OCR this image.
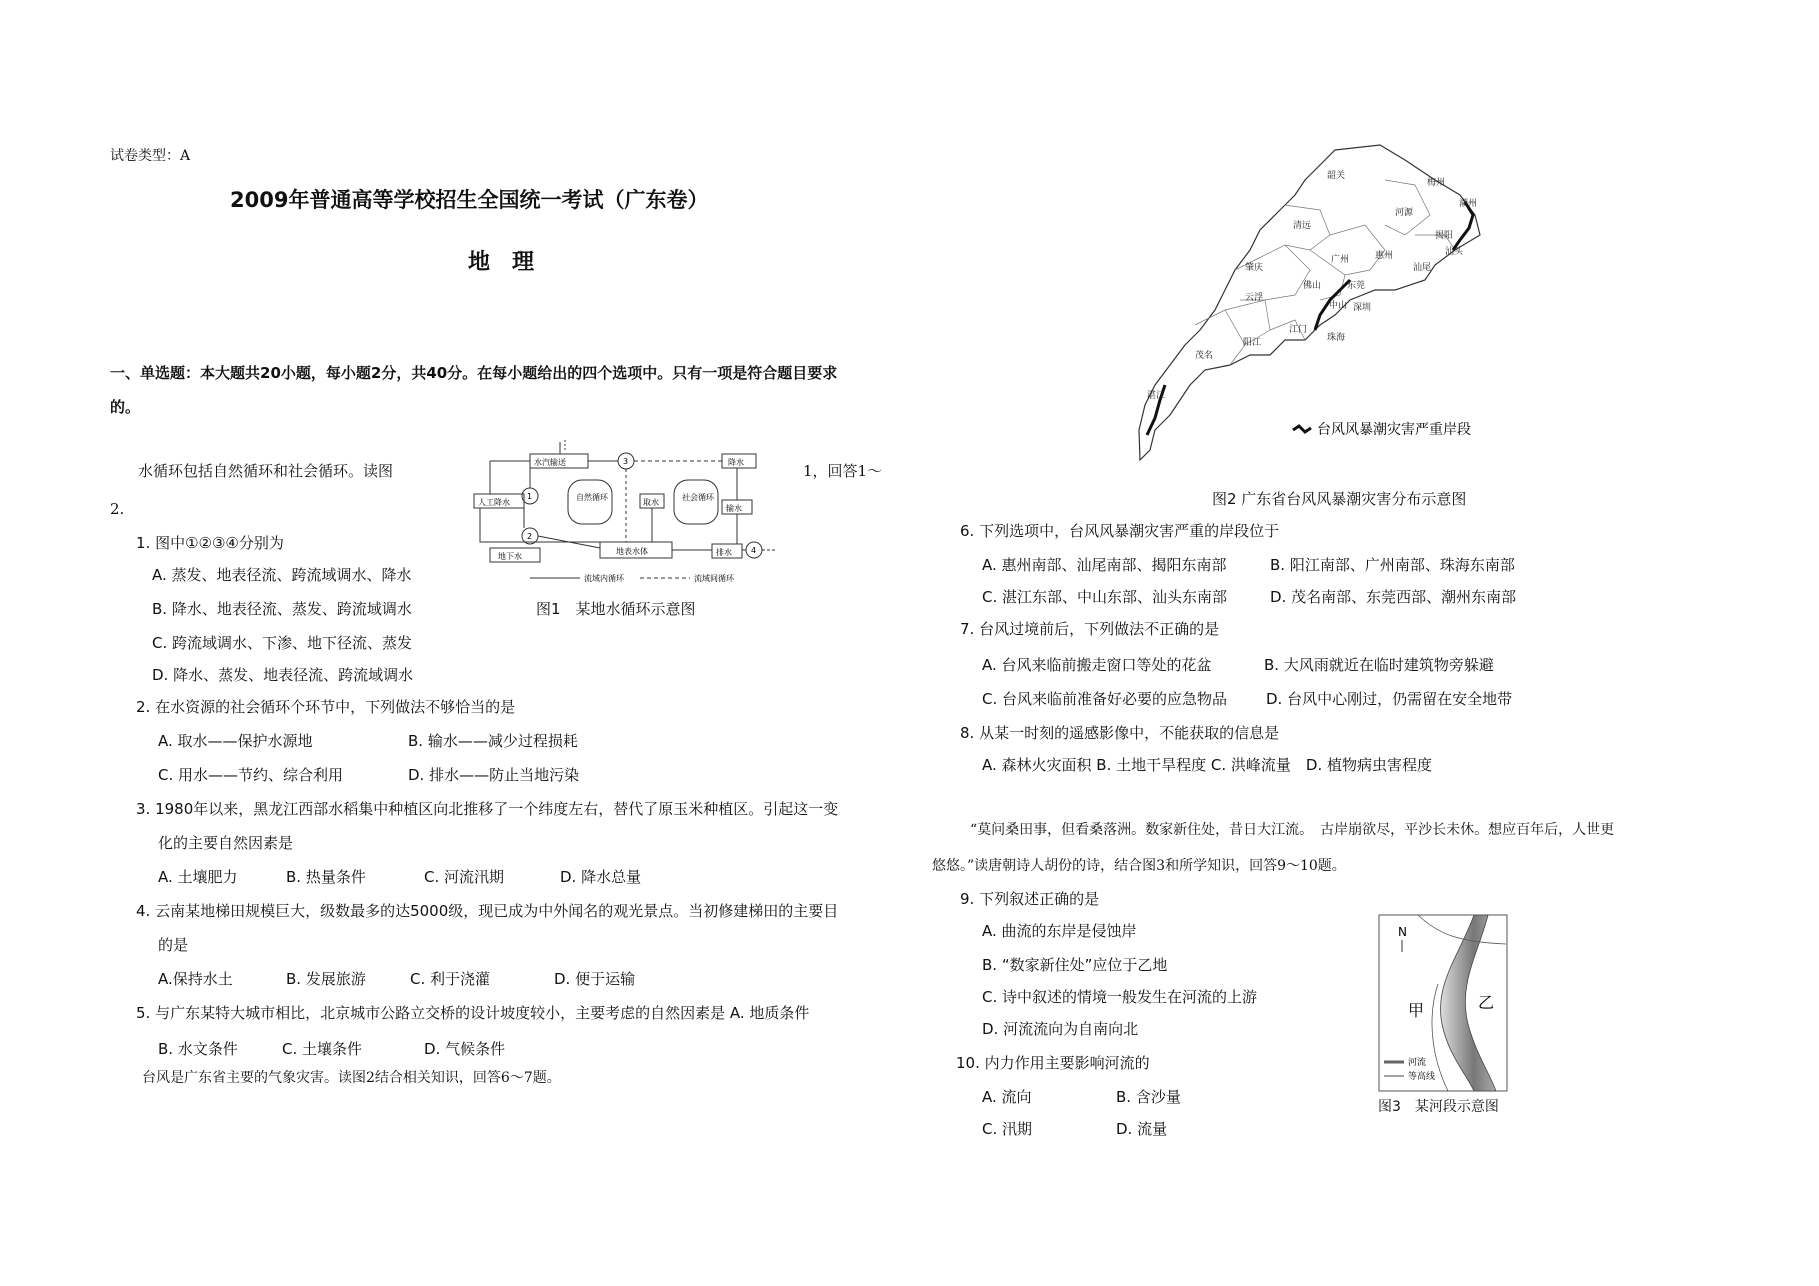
试卷类型：A
2009年普通高等学校招生全国统一考试（广东卷）
地　理
一、单选题：本大题共20小题，每小题2分，共40分。在每小题给出的四个选项中。只有一项是符合题目要求
的。
水循环包括自然循环和社会循环。读图	1，回答1～
2.
水汽输送
人工降水
降水
自然循环	社会循环
取水
输水
地表水体
地下水	排水
1
2
3
4
流域内循环	流域间循环
图1　某地水循环示意图
1. 图中①②③④分别为
A. 蒸发、地表径流、跨流域调水、降水
B. 降水、地表径流、蒸发、跨流域调水
C. 跨流域调水、下渗、地下径流、蒸发
D. 降水、蒸发、地表径流、跨流域调水
2. 在水资源的社会循环个环节中，下列做法不够恰当的是
A. 取水——保护水源地	B. 输水——减少过程损耗
C. 用水——节约、综合利用	D. 排水——防止当地污染
3. 1980年以来，黑龙江西部水稻集中种植区向北推移了一个纬度左右，替代了原玉米种植区。引起这一变
化的主要自然因素是
A. 土壤肥力	B. 热量条件	C. 河流汛期	D. 降水总量
4. 云南某地梯田规模巨大，级数最多的达5000级，现已成为中外闻名的观光景点。当初修建梯田的主要目
的是
A.保持水土	B. 发展旅游	C. 利于浇灌	D. 便于运输
5. 与广东某特大城市相比，北京城市公路立交桥的设计坡度较小，主要考虑的自然因素是 A. 地质条件
B. 水文条件	C. 土壤条件	D. 气候条件
台风是广东省主要的气象灾害。读图2结合相关知识，回答6～7题。
韶关
梅州
清远
河源
潮州
肇庆
广州	惠州
揭阳
汕头
云浮
佛山	东莞
汕尾
中山 深圳
阳江
江门
珠海
茂名
湛江
台风风暴潮灾害严重岸段
图2 广东省台风风暴潮灾害分布示意图
6. 下列选项中，台风风暴潮灾害严重的岸段位于
A. 惠州南部、汕尾南部、揭阳东南部	B. 阳江南部、广州南部、珠海东南部
C. 湛江东部、中山东部、汕头东南部	D. 茂名南部、东莞西部、潮州东南部
7. 台风过境前后，下列做法不正确的是
A. 台风来临前搬走窗口等处的花盆	B. 大风雨就近在临时建筑物旁躲避
C. 台风来临前准备好必要的应急物品	D. 台风中心刚过，仍需留在安全地带
8. 从某一时刻的遥感影像中，不能获取的信息是
A. 森林火灾面积 B. 土地干旱程度 C. 洪峰流量　D. 植物病虫害程度
“莫问桑田事，但看桑落洲。数家新住处，昔日大江流。　古岸崩欲尽，平沙长未休。想应百年后，人世更
悠悠。”读唐朝诗人胡份的诗，结合图3和所学知识，回答9～10题。
9. 下列叙述正确的是
A. 曲流的东岸是侵蚀岸
B. “数家新住处”应位于乙地
C. 诗中叙述的情境一般发生在河流的上游
D. 河流流向为自南向北
10. 内力作用主要影响河流的
A. 流向	B. 含沙量
C. 汛期	D. 流量
N
甲	乙
河流
等高线
图3　某河段示意图
